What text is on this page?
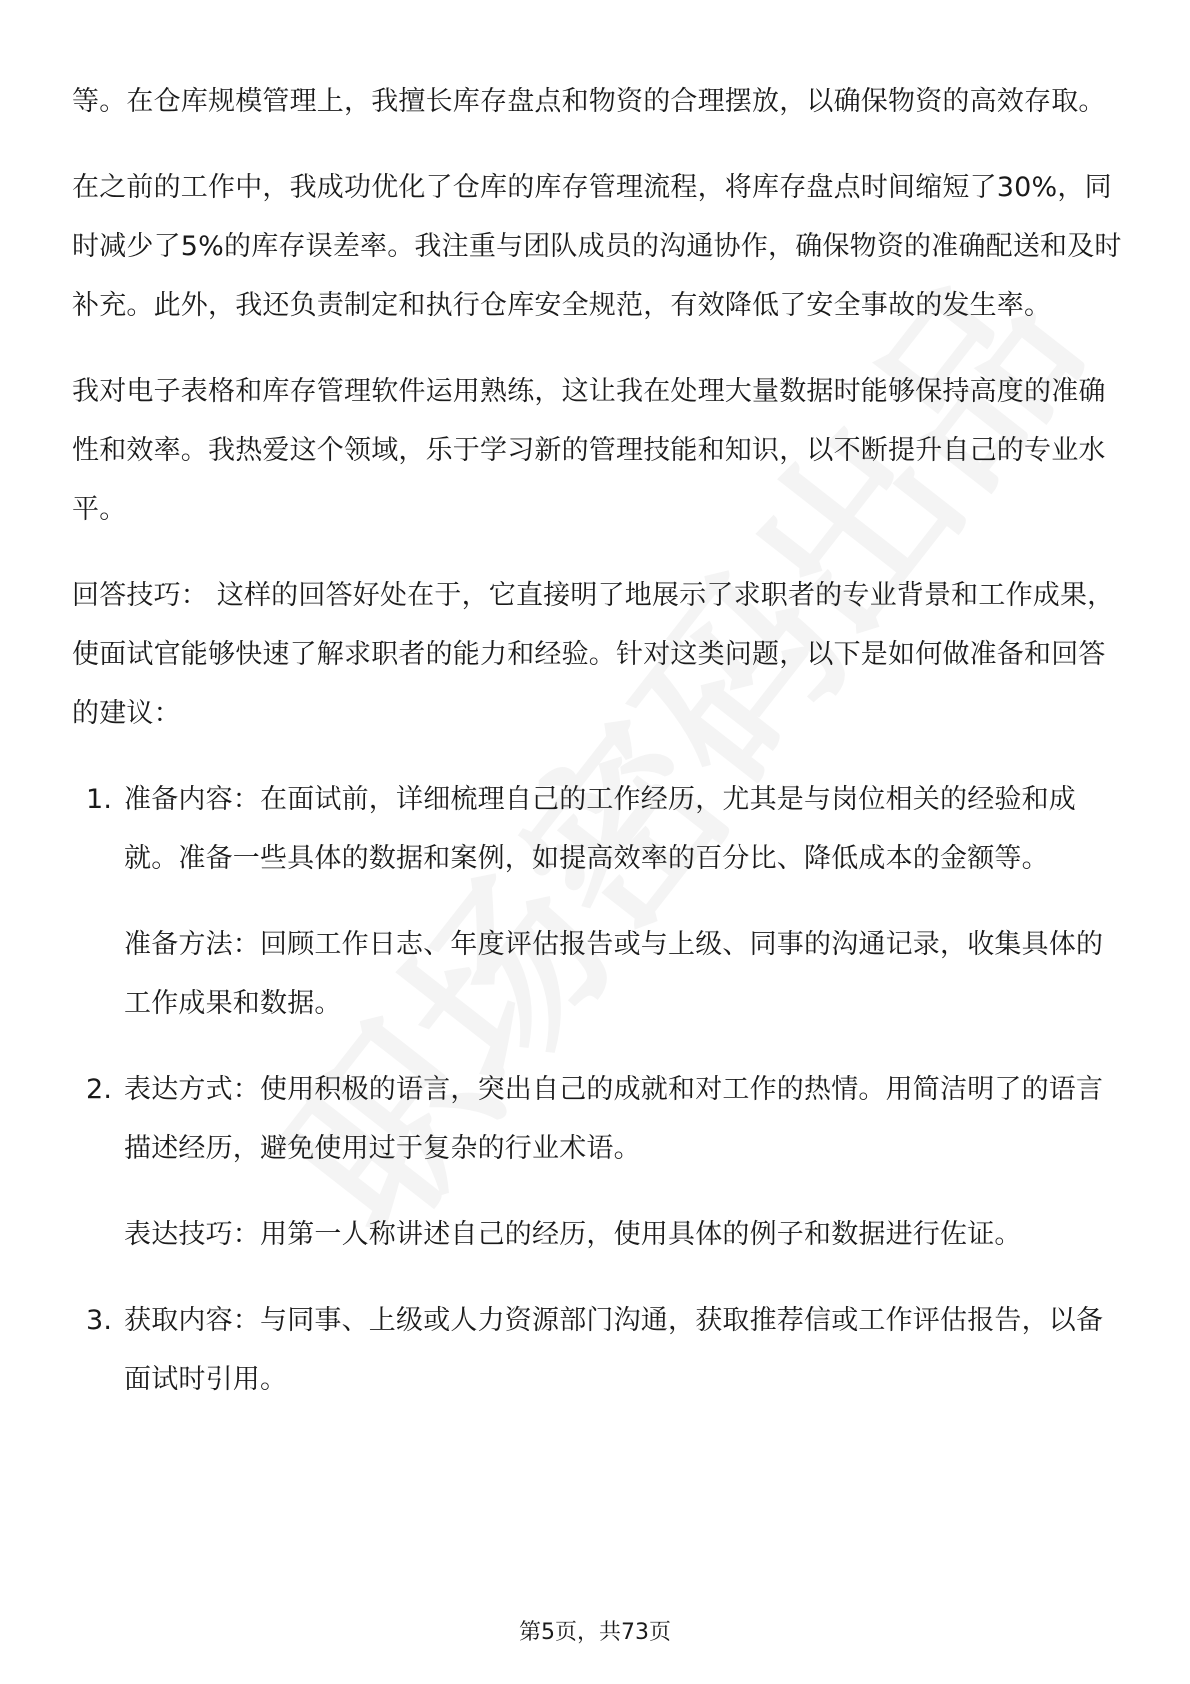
等。在仓库规模管理上，我擅长库存盘点和物资的合理摆放，以确保物资的高效存取。

在之前的工作中，我成功优化了仓库的库存管理流程，将库存盘点时间缩短了30%，同时减少了5%的库存误差率。我注重与团队成员的沟通协作，确保物资的准确配送和及时补充。此外，我还负责制定和执行仓库安全规范，有效降低了安全事故的发生率。

我对电子表格和库存管理软件运用熟练，这让我在处理大量数据时能够保持高度的准确性和效率。我热爱这个领域，乐于学习新的管理技能和知识，以不断提升自己的专业水平。

回答技巧： 这样的回答好处在于，它直接明了地展示了求职者的专业背景和工作成果，使面试官能够快速了解求职者的能力和经验。针对这类问题，以下是如何做准备和回答的建议：

1. 准备内容：在面试前，详细梳理自己的工作经历，尤其是与岗位相关的经验和成就。准备一些具体的数据和案例，如提高效率的百分比、降低成本的金额等。

准备方法：回顾工作日志、年度评估报告或与上级、同事的沟通记录，收集具体的工作成果和数据。

2. 表达方式：使用积极的语言，突出自己的成就和对工作的热情。用简洁明了的语言描述经历，避免使用过于复杂的行业术语。

表达技巧：用第一人称讲述自己的经历，使用具体的例子和数据进行佐证。

3. 获取内容：与同事、上级或人力资源部门沟通，获取推荐信或工作评估报告，以备面试时引用。

第5页，共73页
